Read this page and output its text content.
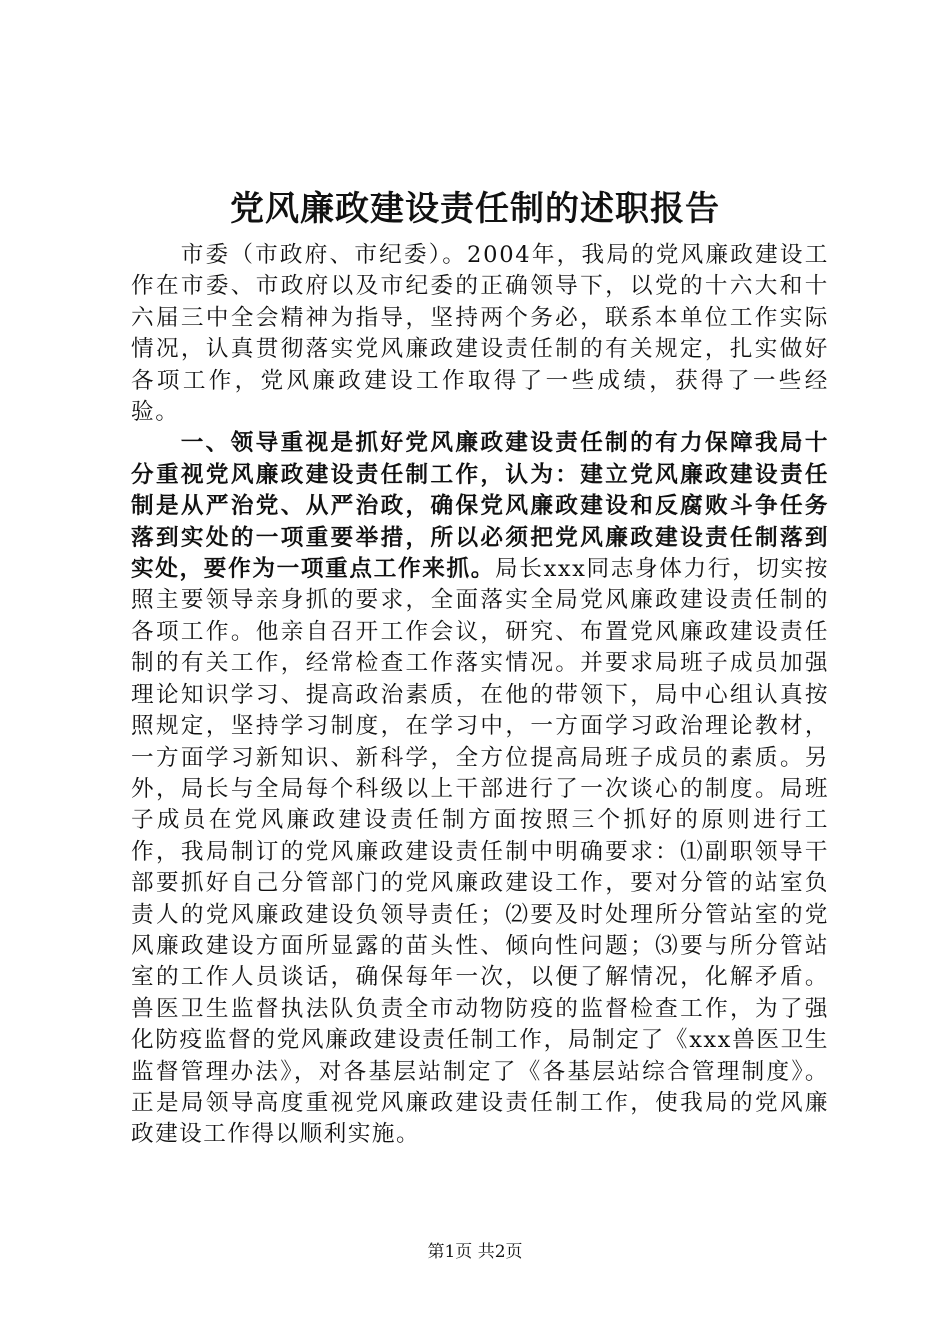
党风廉政建设责任制的述职报告

市委（市政府、市纪委）。2004年，我局的党风廉政建设工作在市委、市政府以及市纪委的正确领导下，以党的十六大和十六届三中全会精神为指导，坚持两个务必，联系本单位工作实际情况，认真贯彻落实党风廉政建设责任制的有关规定，扎实做好各项工作，党风廉政建设工作取得了一些成绩，获得了一些经验。

一、领导重视是抓好党风廉政建设责任制的有力保障我局十分重视党风廉政建设责任制工作，认为：建立党风廉政建设责任制是从严治党、从严治政，确保党风廉政建设和反腐败斗争任务落到实处的一项重要举措，所以必须把党风廉政建设责任制落到实处，要作为一项重点工作来抓。局长xxx同志身体力行，切实按照主要领导亲身抓的要求，全面落实全局党风廉政建设责任制的各项工作。他亲自召开工作会议，研究、布置党风廉政建设责任制的有关工作，经常检查工作落实情况。并要求局班子成员加强理论知识学习、提高政治素质，在他的带领下，局中心组认真按照规定，坚持学习制度，在学习中，一方面学习政治理论教材，一方面学习新知识、新科学，全方位提高局班子成员的素质。另外，局长与全局每个科级以上干部进行了一次谈心的制度。局班子成员在党风廉政建设责任制方面按照三个抓好的原则进行工作，我局制订的党风廉政建设责任制中明确要求：⑴副职领导干部要抓好自己分管部门的党风廉政建设工作，要对分管的站室负责人的党风廉政建设负领导责任；⑵要及时处理所分管站室的党风廉政建设方面所显露的苗头性、倾向性问题；⑶要与所分管站室的工作人员谈话，确保每年一次，以便了解情况，化解矛盾。兽医卫生监督执法队负责全市动物防疫的监督检查工作，为了强化防疫监督的党风廉政建设责任制工作，局制定了《xxx兽医卫生监督管理办法》，对各基层站制定了《各基层站综合管理制度》。正是局领导高度重视党风廉政建设责任制工作，使我局的党风廉政建设工作得以顺利实施。

第1页 共2页
